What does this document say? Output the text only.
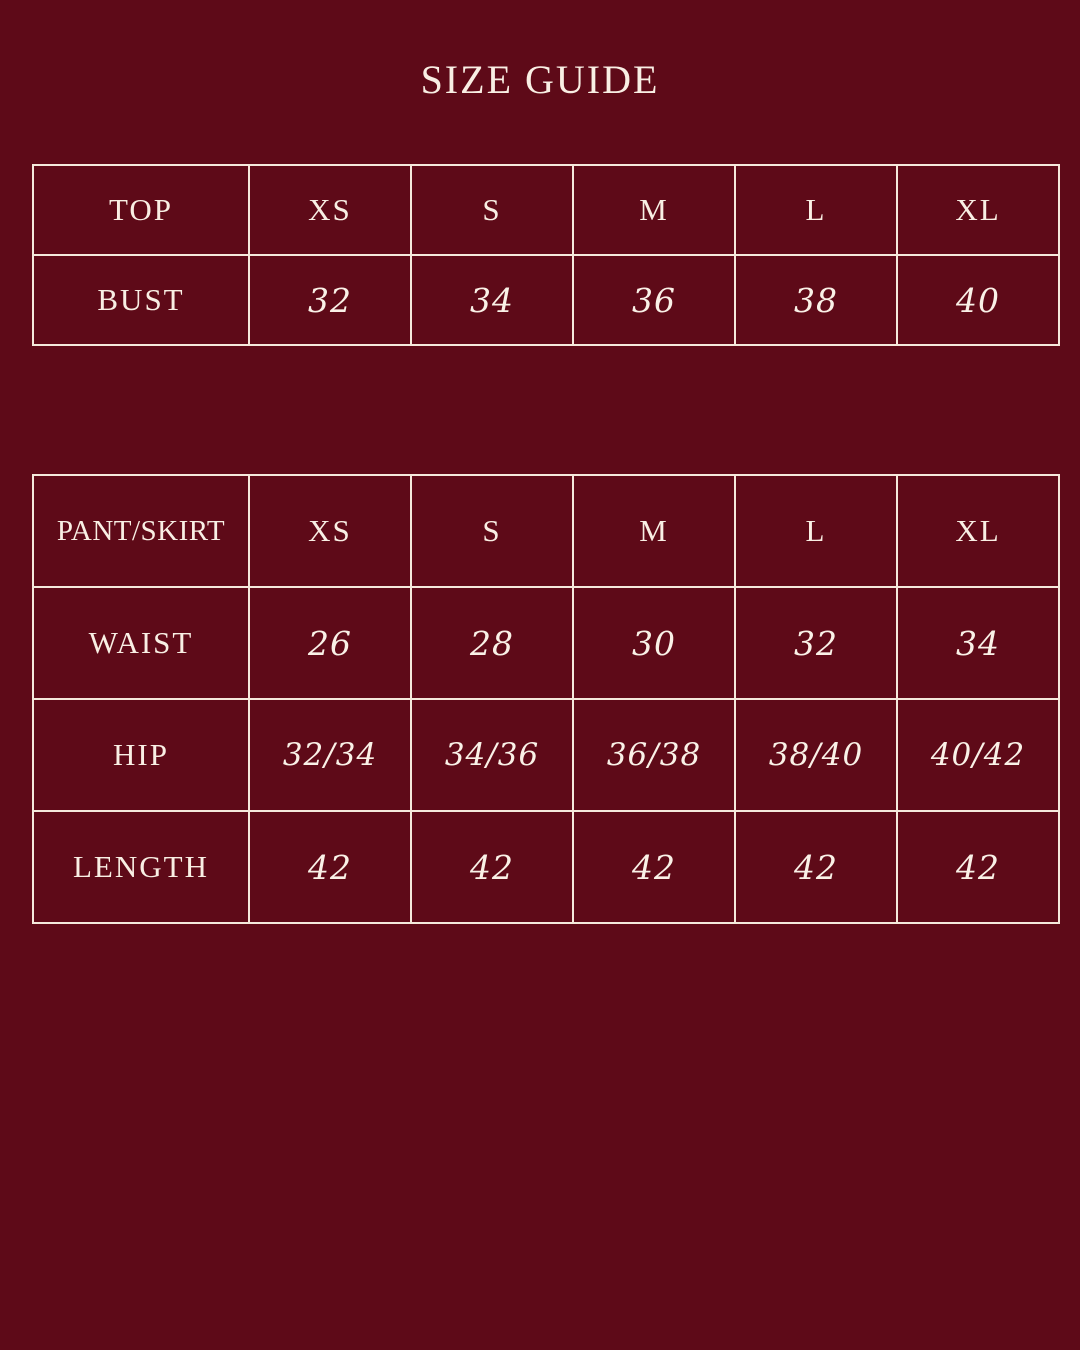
SIZE GUIDE
TOP	XS	S	M	L	XL
BUST	32	34	36	38	40
PANT/SKIRT	XS	S	M	L	XL
WAIST	26	28	30	32	34
HIP	32/34	34/36	36/38	38/40	40/42
LENGTH	42	42	42	42	42
